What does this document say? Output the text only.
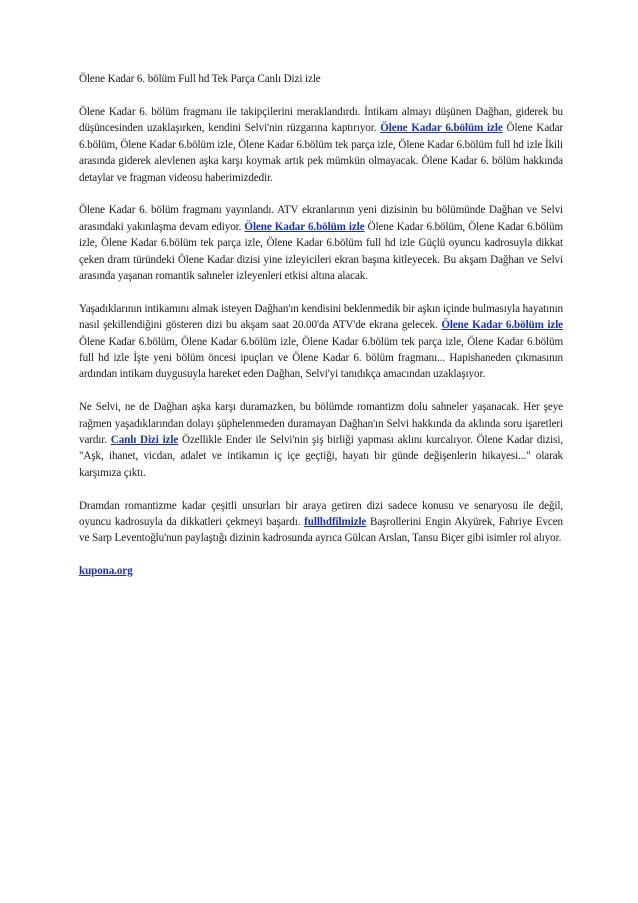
Ölene Kadar 6. bölüm Full hd Tek Parça Canlı Dizi izle

Ölene Kadar 6. bölüm fragmanı ile takipçilerini meraklandırdı. İntikam almayı düşünen Dağhan, giderek bu düşüncesinden uzaklaşırken, kendini Selvi'nin rüzgarına kaptırıyor. Ölene Kadar 6.bölüm izle Ölene Kadar 6.bölüm, Ölene Kadar 6.bölüm izle, Ölene Kadar 6.bölüm tek parça izle, Ölene Kadar 6.bölüm full hd izle İkili arasında giderek alevlenen aşka karşı koymak artık pek mümkün olmayacak. Ölene Kadar 6. bölüm hakkında detaylar ve fragman videosu haberimizdedir.

Ölene Kadar 6. bölüm fragmanı yayınlandı. ATV ekranlarının yeni dizisinin bu bölümünde Dağhan ve Selvi arasındaki yakınlaşma devam ediyor. Ölene Kadar 6.bölüm izle Ölene Kadar 6.bölüm, Ölene Kadar 6.bölüm izle, Ölene Kadar 6.bölüm tek parça izle, Ölene Kadar 6.bölüm full hd izle Güçlü oyuncu kadrosuyla dikkat çeken dram türündeki Ölene Kadar dizisi yine izleyicileri ekran başına kitleyecek. Bu akşam Dağhan ve Selvi arasında yaşanan romantik sahneler izleyenleri etkisi altına alacak.

Yaşadıklarının intikamını almak isteyen Dağhan'ın kendisini beklenmedik bir aşkın içinde bulmasıyla hayatının nasıl şekillendiğini gösteren dizi bu akşam saat 20.00'da ATV'de ekrana gelecek. Ölene Kadar 6.bölüm izle Ölene Kadar 6.bölüm, Ölene Kadar 6.bölüm izle, Ölene Kadar 6.bölüm tek parça izle, Ölene Kadar 6.bölüm full hd izle İşte yeni bölüm öncesi ipuçları ve Ölene Kadar 6. bölüm fragmanı... Hapishaneden çıkmasının ardından intikam duygusuyla hareket eden Dağhan, Selvi'yi tanıdıkça amacından uzaklaşıyor.

Ne Selvi, ne de Dağhan aşka karşı duramazken, bu bölümde romantizm dolu sahneler yaşanacak. Her şeye rağmen yaşadıklarından dolayı şüphelenmeden duramayan Dağhan'ın Selvi hakkında da aklında soru işaretleri vardır. Canlı Dizi izle Özellikle Ender ile Selvi'nin şiş birliği yapması aklını kurcalıyor. Ölene Kadar dizisi, "Aşk, ihanet, vicdan, adalet ve intikamın iç içe geçtiği, hayatı bir günde değişenlerin hikayesi..." olarak karşımıza çıktı.

Dramdan romantizme kadar çeşitli unsurları bir araya getiren dizi sadece konusu ve senaryosu ile değil, oyuncu kadrosuyla da dikkatleri çekmeyi başardı. fullhdfilmizle Başrollerini Engin Akyürek, Fahriye Evcen ve Sarp Leventoğlu'nun paylaştığı dizinin kadrosunda ayrıca Gülcan Arslan, Tansu Biçer gibi isimler rol alıyor.

kupona.org
